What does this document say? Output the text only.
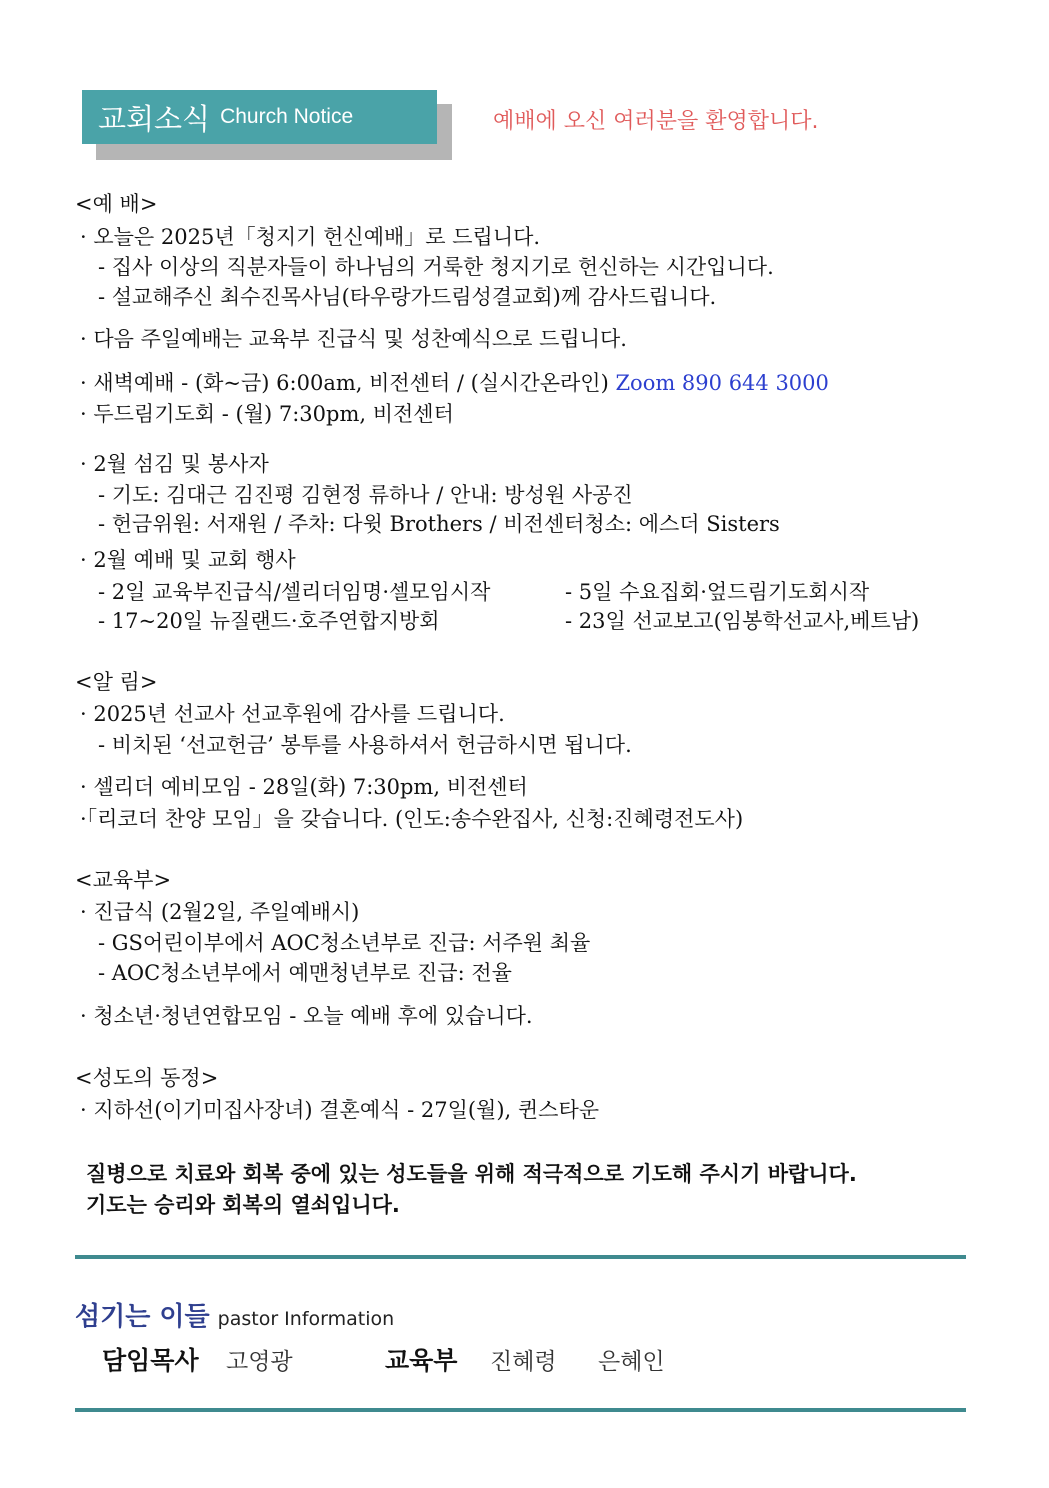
교회소식 Church Notice	예배에 오신 여러분을 환영합니다.
<예 배>
· 오늘은 2025년「청지기 헌신예배」로 드립니다.
- 집사 이상의 직분자들이 하나님의 거룩한 청지기로 헌신하는 시간입니다.
- 설교해주신 최수진목사님(타우랑가드림성결교회)께 감사드립니다.
· 다음 주일예배는 교육부 진급식 및 성찬예식으로 드립니다.
· 새벽예배 - (화~금) 6:00am, 비전센터 / (실시간온라인) Zoom 890 644 3000
· 두드림기도회 - (월) 7:30pm, 비전센터
· 2월 섬김 및 봉사자
- 기도: 김대근 김진평 김현정 류하나 / 안내: 방성원 사공진
- 헌금위원: 서재원 / 주차: 다윗 Brothers / 비전센터청소: 에스더 Sisters
· 2월 예배 및 교회 행사
- 2일 교육부진급식/셀리더임명·셀모임시작	- 5일 수요집회·엎드림기도회시작
- 17~20일 뉴질랜드·호주연합지방회	- 23일 선교보고(임봉학선교사,베트남)
<알 림>
· 2025년 선교사 선교후원에 감사를 드립니다.
- 비치된 ‘선교헌금’ 봉투를 사용하셔서 헌금하시면 됩니다.
· 셀리더 예비모임 - 28일(화) 7:30pm, 비전센터
·「리코더 찬양 모임」을 갖습니다. (인도:송수완집사, 신청:진혜령전도사)
<교육부>
· 진급식 (2월2일, 주일예배시)
- GS어린이부에서 AOC청소년부로 진급: 서주원 최율
- AOC청소년부에서 예맨청년부로 진급: 전율
· 청소년·청년연합모임 - 오늘 예배 후에 있습니다.
<성도의 동정>
· 지하선(이기미집사장녀) 결혼예식 - 27일(월), 퀸스타운
질병으로 치료와 회복 중에 있는 성도들을 위해 적극적으로 기도해 주시기 바랍니다.
기도는 승리와 회복의 열쇠입니다.
섬기는 이들 pastor Information
담임목사 고영광	교육부 진혜령 은혜인
